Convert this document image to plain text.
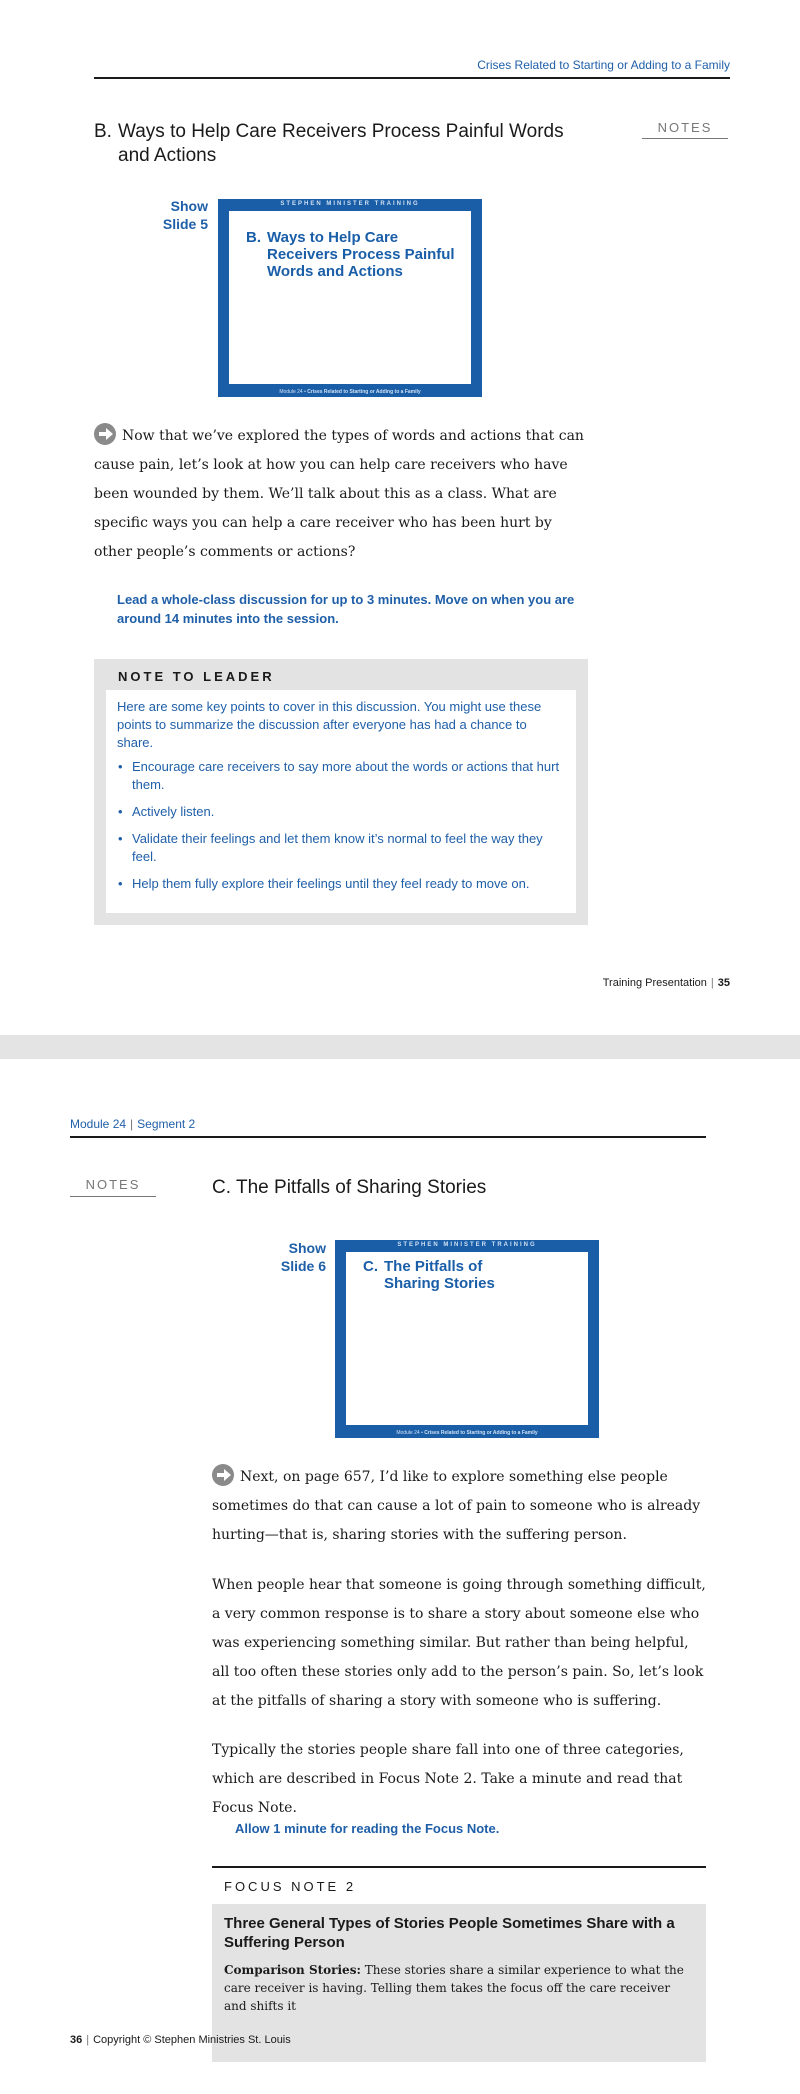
Crises Related to Starting or Adding to a Family
NOTES
B. Ways to Help Care Receivers Process Painful Words and Actions
Show
Slide 5
STEPHEN MINISTER TRAINING
B. Ways to Help Care Receivers Process Painful Words and Actions
Module 24 • Crises Related to Starting or Adding to a Family
Now that we’ve explored the types of words and actions that can cause pain, let’s look at how you can help care receivers who have been wounded by them. We’ll talk about this as a class. What are specific ways you can help a care receiver who has been hurt by other people’s comments or actions?
Lead a whole-class discussion for up to 3 minutes. Move on when you are around 14 minutes into the session.
NOTE TO LEADER

Here are some key points to cover in this discussion. You might use these points to summarize the discussion after everyone has had a chance to share.

• Encourage care receivers to say more about the words or actions that hurt them.
• Actively listen.
• Validate their feelings and let them know it’s normal to feel the way they feel.
• Help them fully explore their feelings until they feel ready to move on.
Training Presentation | 35
Module 24 | Segment 2
NOTES	C. The Pitfalls of Sharing Stories
Show
Slide 6
STEPHEN MINISTER TRAINING
C. The Pitfalls of Sharing Stories
Module 24 • Crises Related to Starting or Adding to a Family
Next, on page 657, I’d like to explore something else people sometimes do that can cause a lot of pain to someone who is already hurting—that is, sharing stories with the suffering person.
When people hear that someone is going through something difficult, a very common response is to share a story about someone else who was experiencing something similar. But rather than being helpful, all too often these stories only add to the person’s pain. So, let’s look at the pitfalls of sharing a story with someone who is suffering.
Typically the stories people share fall into one of three categories, which are described in Focus Note 2. Take a minute and read that Focus Note.
Allow 1 minute for reading the Focus Note.
FOCUS NOTE 2
Three General Types of Stories People Sometimes Share with a Suffering Person
Comparison Stories: These stories share a similar experience to what the care receiver is having. Telling them takes the focus off the care receiver and shifts it
36 | Copyright © Stephen Ministries St. Louis
